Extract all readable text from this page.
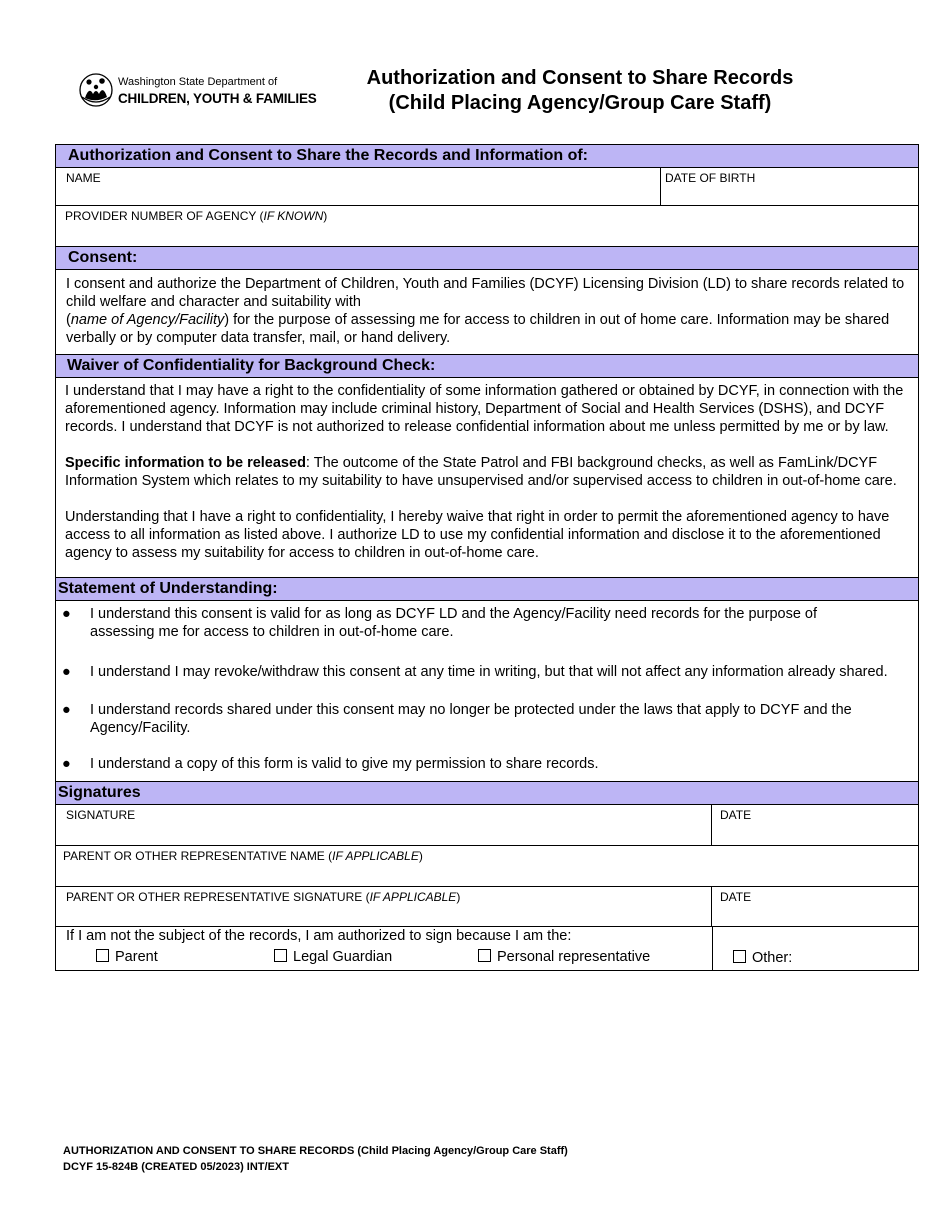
Washington State Department of
CHILDREN, YOUTH & FAMILIES
Authorization and Consent to Share Records
(Child Placing Agency/Group Care Staff)
Authorization and Consent to Share the Records and Information of:
NAME	DATE OF BIRTH
PROVIDER NUMBER OF AGENCY (IF KNOWN)
Consent:

I consent and authorize the Department of Children, Youth and Families (DCYF) Licensing Division (LD) to share records related to child welfare and character and suitability with

(name of Agency/Facility) for the purpose of assessing me for access to children in out of home care. Information may be shared verbally or by computer data transfer, mail, or hand delivery.

Waiver of Confidentiality for Background Check:

I understand that I may have a right to the confidentiality of some information gathered or obtained by DCYF, in connection with the aforementioned agency. Information may include criminal history, Department of Social and Health Services (DSHS), and DCYF records. I understand that DCYF is not authorized to release confidential information about me unless permitted by me or by law.

Specific information to be released: The outcome of the State Patrol and FBI background checks, as well as FamLink/DCYF Information System which relates to my suitability to have unsupervised and/or supervised access to children in out-of-home care.

Understanding that I have a right to confidentiality, I hereby waive that right in order to permit the aforementioned agency to have access to all information as listed above. I authorize LD to use my confidential information and disclose it to the aforementioned agency to assess my suitability for access to children in out-of-home care.

Statement of Understanding:
●	I understand this consent is valid for as long as DCYF LD and the Agency/Facility need records for the purpose of assessing me for access to children in out-of-home care.
●	I understand I may revoke/withdraw this consent at any time in writing, but that will not affect any information already shared.
●	I understand records shared under this consent may no longer be protected under the laws that apply to DCYF and the Agency/Facility.
●	I understand a copy of this form is valid to give my permission to share records.
Signatures
SIGNATURE	DATE
PARENT OR OTHER REPRESENTATIVE NAME (IF APPLICABLE)
PARENT OR OTHER REPRESENTATIVE SIGNATURE (IF APPLICABLE)	DATE
If I am not the subject of the records, I am authorized to sign because I am the:
Parent	Legal Guardian	Personal representative	Other:
AUTHORIZATION AND CONSENT TO SHARE RECORDS (Child Placing Agency/Group Care Staff)
DCYF 15-824B (CREATED 05/2023) INT/EXT
